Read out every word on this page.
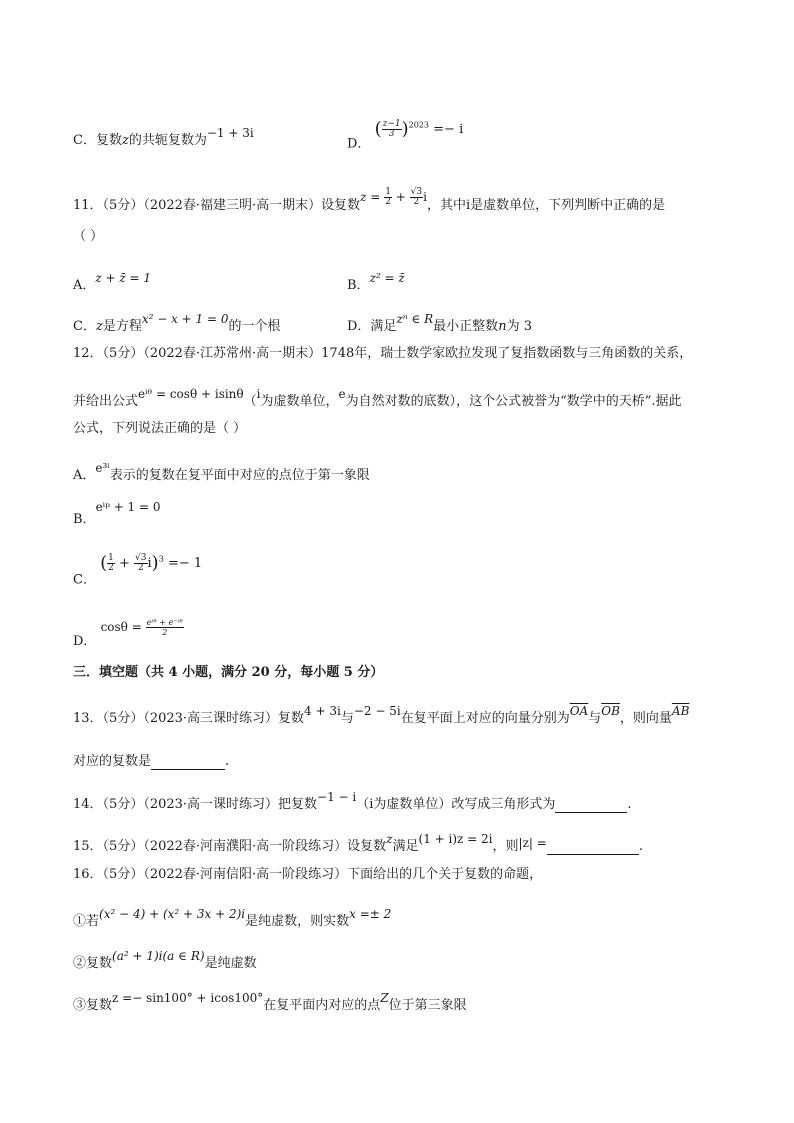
C．复数z的共轭复数为−1 + 3i
D． ( $\frac{z-1}{3} )^{2023} =- i$
11．（5分）（2022春·福建三明·高一期末）设复数$z = \frac{1}{2} + \frac{√3}{2}$ i，其中i是虚数单位，下列判断中正确的是
（ ）
A．z + z̄ = 1	B．z² = z̄
C．z是方程x² − x + 1 = 0的一个根	D．满足zⁿ ∈ R最小正整数n为 3
12．（5分）（2022春·江苏常州·高一期末）1748年，瑞士数学家欧拉发现了复指数函数与三角函数的关系，
并给出公式eⁱᶿ = cosθ + isinθ（i为虚数单位，e为自然对数的底数），这个公式被誉为“数学中的天桥”.据此
公式，下列说法正确的是（ ）
A．e³ⁱ表示的复数在复平面中对应的点位于第一象限
B．eⁱᵖ + 1 = 0
C． ( $\frac{1}{2} + \frac{√3}{2} i)^3 =- 1$
D． $\cos\theta = \frac{\text{eⁱᶿ + e⁻ⁱᶿ}}{2}$
三．填空题（共 4 小题，满分 20 分，每小题 5 分）
13．（5分）（2023·高三课时练习）复数4 + 3i与−2 − 5i在复平面上对应的向量分别为$\overline{OA}$与$\overline{OB}$，则向量$\overline{AB}$
对应的复数是	.
14．（5分）（2023·高一课时练习）把复数−1 − i（i为虚数单位）改写成三角形式为	.
15．（5分）（2022春·河南濮阳·高一阶段练习）设复数z满足(1 + i)z = 2i，则|z| =	.
16．（5分）（2022春·河南信阳·高一阶段练习）下面给出的几个关于复数的命题，
①若(x² − 4) + (x² + 3x + 2)i是纯虚数，则实数x =± 2
②复数(a² + 1)i(a ∈ R)是纯虚数
③复数z =− sin100° + icos100°在复平面内对应的点Z位于第三象限
